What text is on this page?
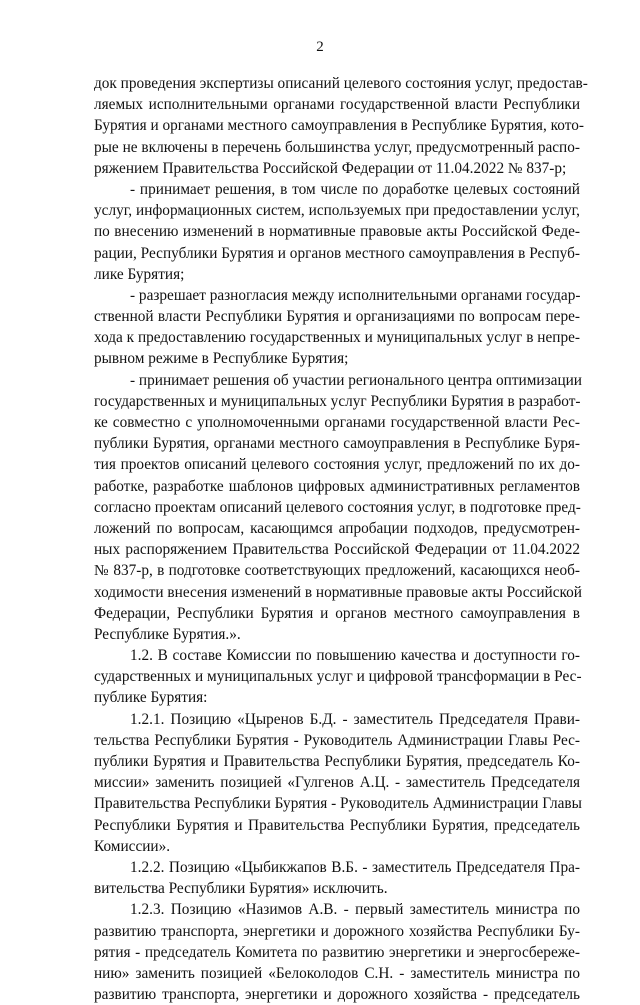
2
док проведения экспертизы описаний целевого состояния услуг, предостав-
ляемых исполнительными органами государственной власти Республики
Бурятия и органами местного самоуправления в Республике Бурятия, кото-
рые не включены в перечень большинства услуг, предусмотренный распо-
ряжением Правительства Российской Федерации от 11.04.2022 № 837-р;
- принимает решения, в том числе по доработке целевых состояний
услуг, информационных систем, используемых при предоставлении услуг,
по внесению изменений в нормативные правовые акты Российской Феде-
рации, Республики Бурятия и органов местного самоуправления в Респуб-
лике Бурятия;
- разрешает разногласия между исполнительными органами государ-
ственной власти Республики Бурятия и организациями по вопросам пере-
хода к предоставлению государственных и муниципальных услуг в непре-
рывном режиме в Республике Бурятия;
- принимает решения об участии регионального центра оптимизации
государственных и муниципальных услуг Республики Бурятия в разработ-
ке совместно с уполномоченными органами государственной власти Рес-
публики Бурятия, органами местного самоуправления в Республике Буря-
тия проектов описаний целевого состояния услуг, предложений по их до-
работке, разработке шаблонов цифровых административных регламентов
согласно проектам описаний целевого состояния услуг, в подготовке пред-
ложений по вопросам, касающимся апробации подходов, предусмотрен-
ных распоряжением Правительства Российской Федерации от 11.04.2022
№ 837-р, в подготовке соответствующих предложений, касающихся необ-
ходимости внесения изменений в нормативные правовые акты Российской
Федерации, Республики Бурятия и органов местного самоуправления в
Республике Бурятия.».
1.2. В составе Комиссии по повышению качества и доступности го-
сударственных и муниципальных услуг и цифровой трансформации в Рес-
публике Бурятия:
1.2.1. Позицию «Цыренов Б.Д. - заместитель Председателя Прави-
тельства Республики Бурятия - Руководитель Администрации Главы Рес-
публики Бурятия и Правительства Республики Бурятия, председатель Ко-
миссии» заменить позицией «Гулгенов А.Ц. - заместитель Председателя
Правительства Республики Бурятия - Руководитель Администрации Главы
Республики Бурятия и Правительства Республики Бурятия, председатель
Комиссии».
1.2.2. Позицию «Цыбикжапов В.Б. - заместитель Председателя Пра-
вительства Республики Бурятия» исключить.
1.2.3. Позицию «Назимов А.В. - первый заместитель министра по
развитию транспорта, энергетики и дорожного хозяйства Республики Бу-
рятия - председатель Комитета по развитию энергетики и энергосбереже-
нию» заменить позицией «Белоколодов С.Н. - заместитель министра по
развитию транспорта, энергетики и дорожного хозяйства - председатель
